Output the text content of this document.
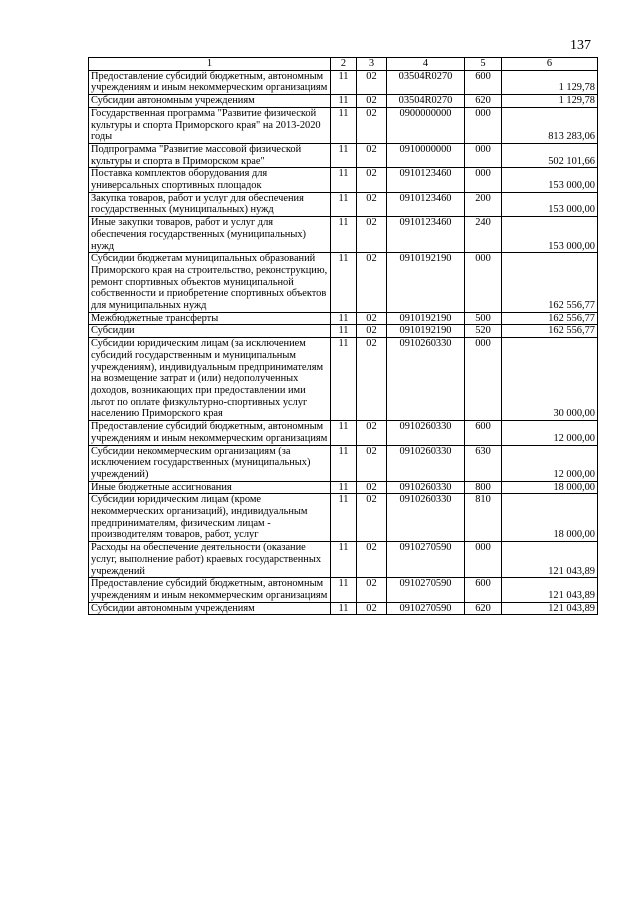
137
1	2	3	4	5	6
Предоставление субсидий бюджетным, автономным учреждениям и иным некоммерческим организациям	11	02	03504R0270	600	1 129,78
Субсидии автономным учреждениям	11	02	03504R0270	620	1 129,78
Государственная программа "Развитие физической культуры и спорта Приморского края" на 2013-2020 годы	11	02	0900000000	000	813 283,06
Подпрограмма "Развитие массовой физической культуры и спорта в Приморском крае"	11	02	0910000000	000	502 101,66
Поставка комплектов оборудования для универсальных спортивных площадок	11	02	0910123460	000	153 000,00
Закупка товаров, работ и услуг для обеспечения государственных (муниципальных) нужд	11	02	0910123460	200	153 000,00
Иные закупки товаров, работ и услуг для обеспечения государственных (муниципальных) нужд	11	02	0910123460	240	153 000,00
Субсидии бюджетам муниципальных образований Приморского края на строительство, реконструкцию, ремонт спортивных объектов муниципальной собственности и приобретение спортивных объектов для муниципальных нужд	11	02	0910192190	000	162 556,77
Межбюджетные трансферты	11	02	0910192190	500	162 556,77
Субсидии	11	02	0910192190	520	162 556,77
Субсидии юридическим лицам (за исключением субсидий государственным и муниципальным учреждениям), индивидуальным предпринимателям на возмещение затрат и (или) недополученных доходов, возникающих при предоставлении ими льгот по оплате физкультурно-спортивных услуг населению Приморского края	11	02	0910260330	000	30 000,00
Предоставление субсидий бюджетным, автономным учреждениям и иным некоммерческим организациям	11	02	0910260330	600	12 000,00
Субсидии некоммерческим организациям (за исключением государственных (муниципальных) учреждений)	11	02	0910260330	630	12 000,00
Иные бюджетные ассигнования	11	02	0910260330	800	18 000,00
Субсидии юридическим лицам (кроме некоммерческих организаций), индивидуальным предпринимателям, физическим лицам - производителям товаров, работ, услуг	11	02	0910260330	810	18 000,00
Расходы на обеспечение деятельности (оказание услуг, выполнение работ) краевых государственных учреждений	11	02	0910270590	000	121 043,89
Предоставление субсидий бюджетным, автономным учреждениям и иным некоммерческим организациям	11	02	0910270590	600	121 043,89
Субсидии автономным учреждениям	11	02	0910270590	620	121 043,89
